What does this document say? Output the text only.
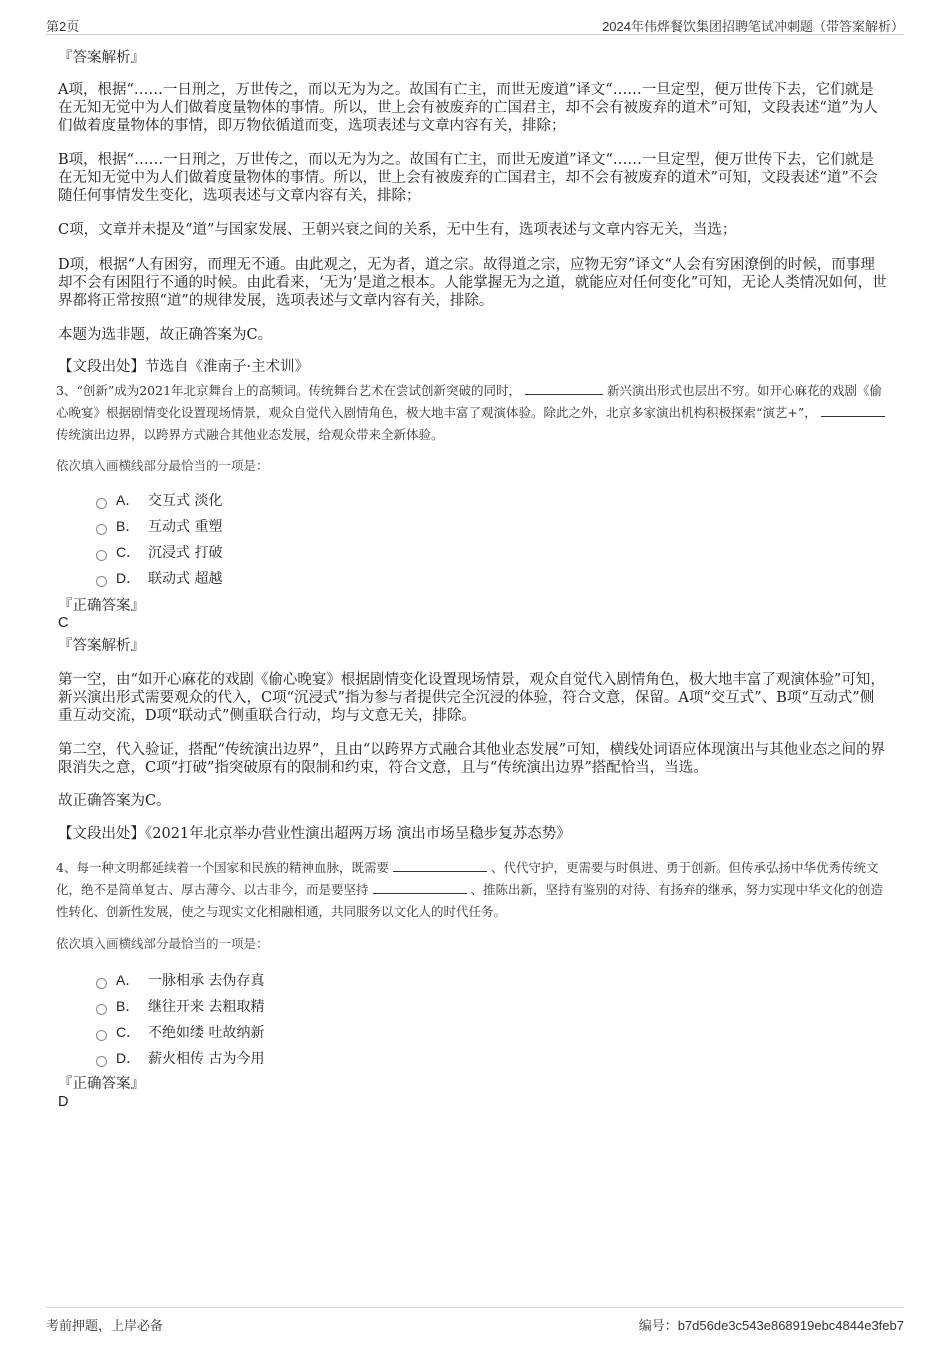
第2页	2024年伟烨餐饮集团招聘笔试冲刺题（带答案解析）
『答案解析』

A项，根据“……一日刑之，万世传之，而以无为为之。故国有亡主，而世无废道”译文“……一旦定型，便万世传下去，它们就是在无知无觉中为人们做着度量物体的事情。所以，世上会有被废弃的亡国君主，却不会有被废弃的道术”可知，文段表述“道”为人们做着度量物体的事情，即万物依循道而变，选项表述与文章内容有关，排除；

B项，根据“……一日刑之，万世传之，而以无为为之。故国有亡主，而世无废道”译文“……一旦定型，便万世传下去，它们就是在无知无觉中为人们做着度量物体的事情。所以，世上会有被废弃的亡国君主，却不会有被废弃的道术”可知，文段表述“道”不会随任何事情发生变化，选项表述与文章内容有关，排除；

C项，文章并未提及“道”与国家发展、王朝兴衰之间的关系，无中生有，选项表述与文章内容无关，当选；

D项，根据“人有困穷，而理无不通。由此观之，无为者，道之宗。故得道之宗，应物无穷”译文“人会有穷困潦倒的时候，而事理却不会有困阻行不通的时候。由此看来，‘无为’是道之根本。人能掌握无为之道，就能应对任何变化”可知，无论人类情况如何，世界都将正常按照“道”的规律发展，选项表述与文章内容有关，排除。

本题为选非题，故正确答案为C。

【文段出处】节选自《淮南子·主术训》

3、“创新”成为2021年北京舞台上的高频词。传统舞台艺术在尝试创新突破的同时，	新兴演出形式也层出不穷。如开心麻花的戏剧《偷心晚宴》根据剧情变化设置现场情景，观众自觉代入剧情角色，极大地丰富了观演体验。除此之外，北京多家演出机构积极探索“演艺+”，传统演出边界，以跨界方式融合其他业态发展，给观众带来全新体验。
依次填入画横线部分最恰当的一项是：
A． 交互式 淡化
B． 互动式 重塑
C． 沉浸式 打破
D． 联动式 超越
『正确答案』
C
『答案解析』

第一空，由“如开心麻花的戏剧《偷心晚宴》根据剧情变化设置现场情景，观众自觉代入剧情角色，极大地丰富了观演体验”可知，新兴演出形式需要观众的代入，C项“沉浸式”指为参与者提供完全沉浸的体验，符合文意，保留。A项“交互式”、B项“互动式”侧重互动交流，D项“联动式”侧重联合行动，均与文意无关，排除。

第二空，代入验证，搭配“传统演出边界”，且由“以跨界方式融合其他业态发展”可知，横线处词语应体现演出与其他业态之间的界限消失之意，C项“打破”指突破原有的限制和约束，符合文意，且与“传统演出边界”搭配恰当，当选。

故正确答案为C。

【文段出处】《2021年北京举办营业性演出超两万场 演出市场呈稳步复苏态势》

4、每一种文明都延续着一个国家和民族的精神血脉，既需要	、代代守护，更需要与时俱进、勇于创新。但传承弘扬中华优秀传统文化，绝不是简单复古、厚古薄今、以古非今，而是要坚持	、推陈出新，坚持有鉴别的对待、有扬弃的继承，努力实现中华文化的创造性转化、创新性发展，使之与现实文化相融相通，共同服务以文化人的时代任务。
依次填入画横线部分最恰当的一项是：
A． 一脉相承 去伪存真
B． 继往开来 去粗取精
C． 不绝如缕 吐故纳新
D． 薪火相传 古为今用
『正确答案』
D
考前押题，上岸必备	编号：b7d56de3c543e868919ebc4844e3feb7
